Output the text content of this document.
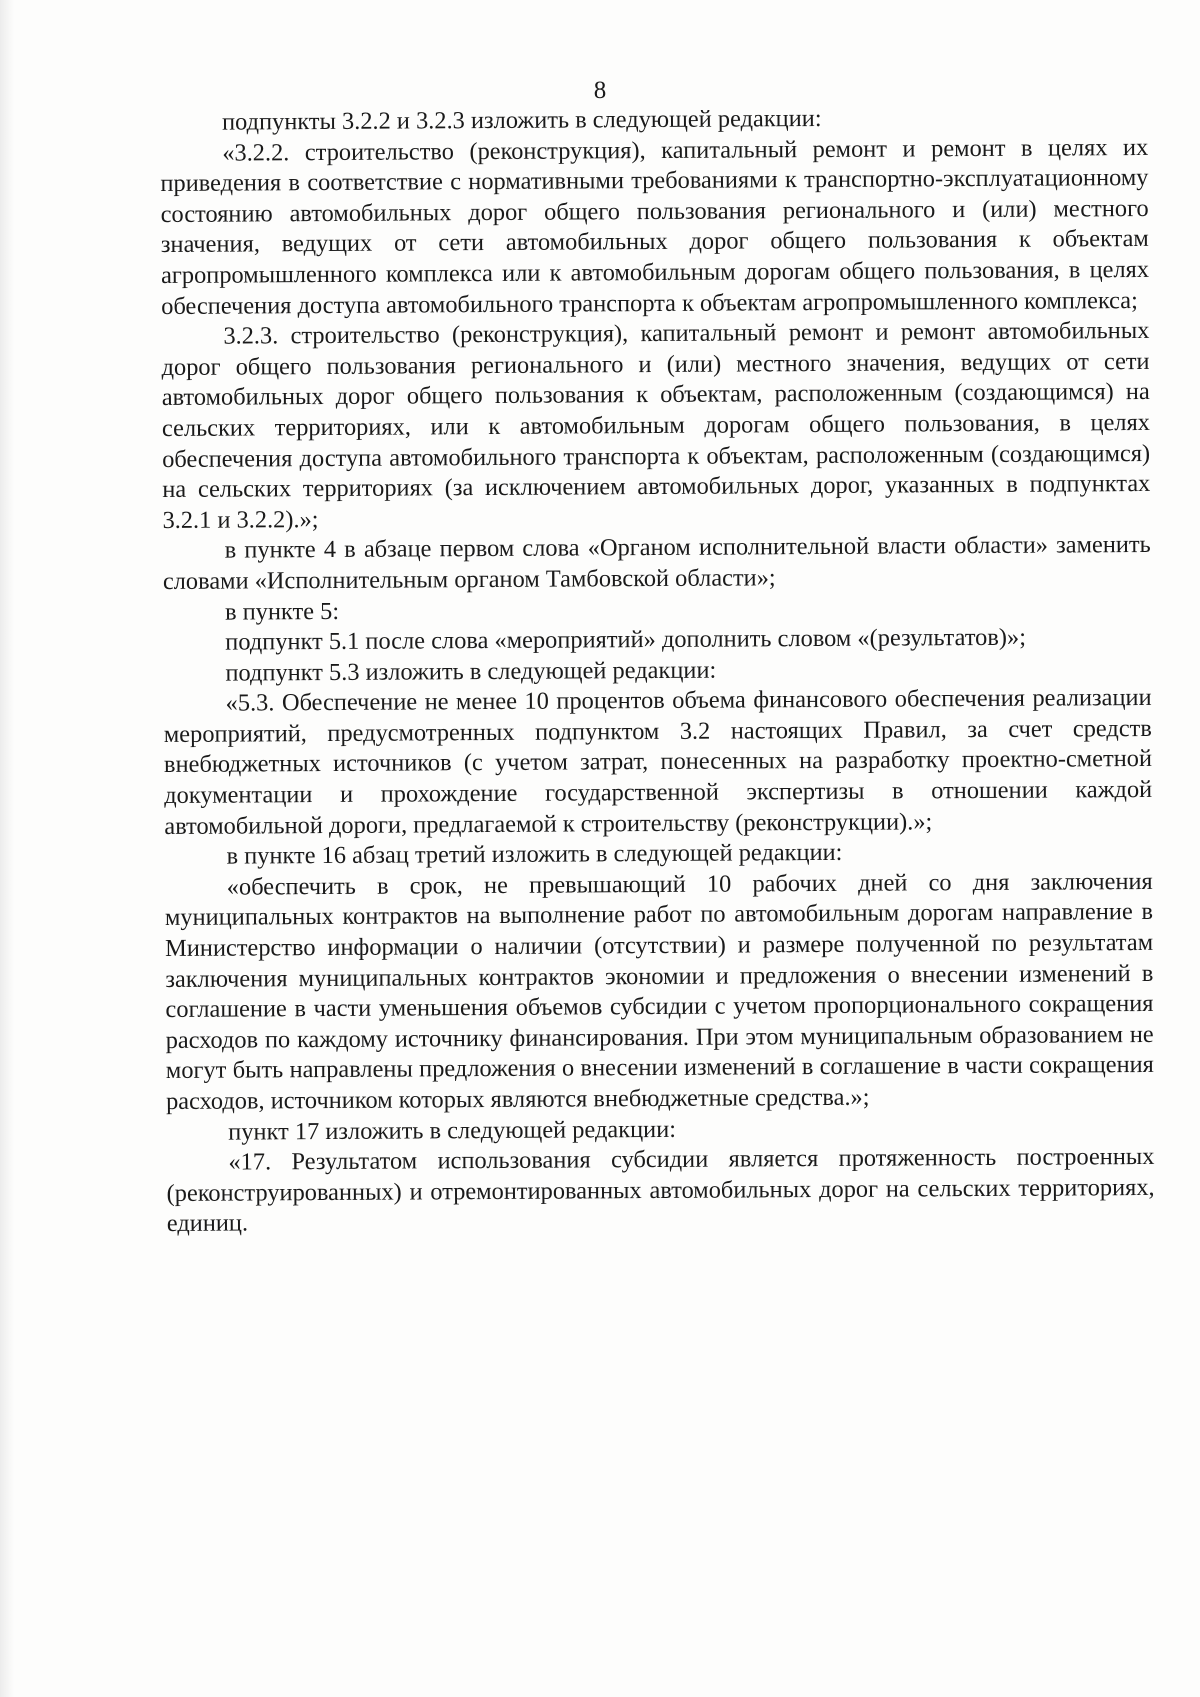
8

подпункты 3.2.2 и 3.2.3 изложить в следующей редакции:

«3.2.2. строительство (реконструкция), капитальный ремонт и ремонт в целях их приведения в соответствие с нормативными требованиями к транспортно-эксплуатационному состоянию автомобильных дорог общего пользования регионального и (или) местного значения, ведущих от сети автомобильных дорог общего пользования к объектам агропромышленного комплекса или к автомобильным дорогам общего пользования, в целях обеспечения доступа автомобильного транспорта к объектам агропромышленного комплекса;

3.2.3. строительство (реконструкция), капитальный ремонт и ремонт автомобильных дорог общего пользования регионального и (или) местного значения, ведущих от сети автомобильных дорог общего пользования к объектам, расположенным (создающимся) на сельских территориях, или к автомобильным дорогам общего пользования, в целях обеспечения доступа автомобильного транспорта к объектам, расположенным (создающимся) на сельских территориях (за исключением автомобильных дорог, указанных в подпунктах 3.2.1 и 3.2.2).»;

в пункте 4 в абзаце первом слова «Органом исполнительной власти области» заменить словами «Исполнительным органом Тамбовской области»;

в пункте 5:

подпункт 5.1 после слова «мероприятий» дополнить словом «(результатов)»;

подпункт 5.3 изложить в следующей редакции:

«5.3. Обеспечение не менее 10 процентов объема финансового обеспечения реализации мероприятий, предусмотренных подпунктом 3.2 настоящих Правил, за счет средств внебюджетных источников (с учетом затрат, понесенных на разработку проектно-сметной документации и прохождение государственной экспертизы в отношении каждой автомобильной дороги, предлагаемой к строительству (реконструкции).»;

в пункте 16 абзац третий изложить в следующей редакции:

«обеспечить в срок, не превышающий 10 рабочих дней со дня заключения муниципальных контрактов на выполнение работ по автомобильным дорогам направление в Министерство информации о наличии (отсутствии) и размере полученной по результатам заключения муниципальных контрактов экономии и предложения о внесении изменений в соглашение в части уменьшения объемов субсидии с учетом пропорционального сокращения расходов по каждому источнику финансирования. При этом муниципальным образованием не могут быть направлены предложения о внесении изменений в соглашение в части сокращения расходов, источником которых являются внебюджетные средства.»;

пункт 17 изложить в следующей редакции:

«17. Результатом использования субсидии является протяженность построенных (реконструированных) и отремонтированных автомобильных дорог на сельских территориях, единиц.
